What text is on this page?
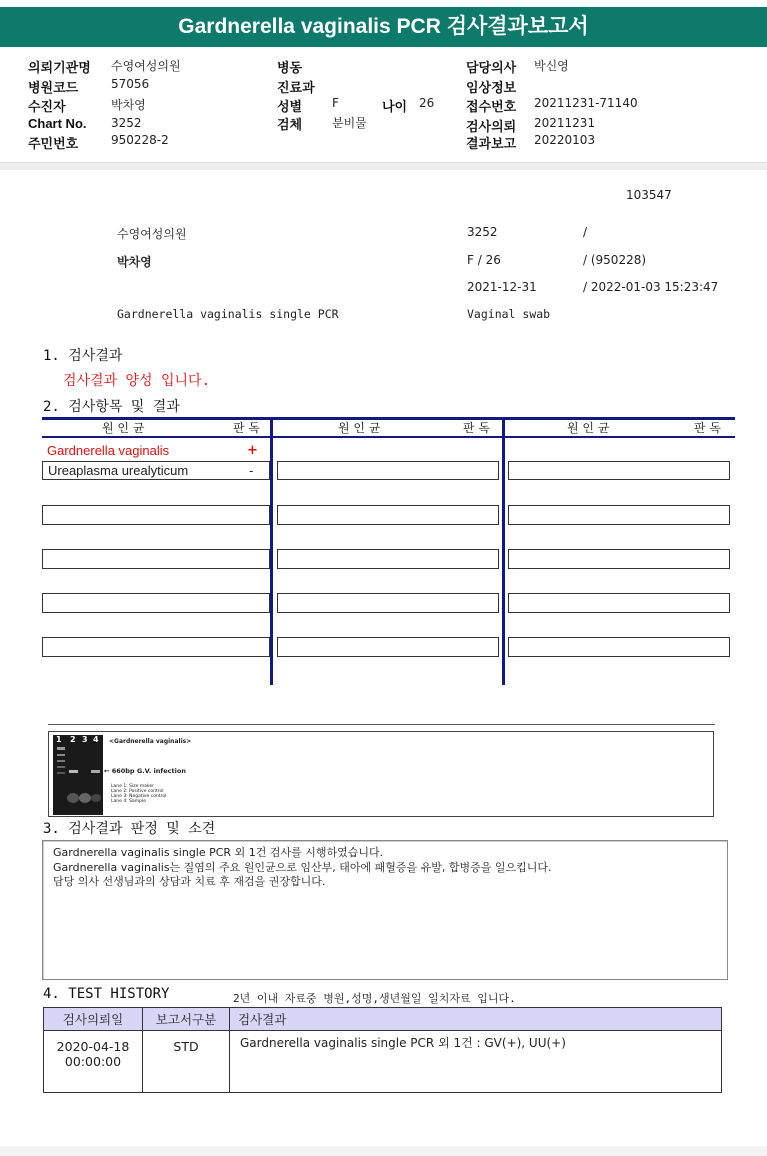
Gardnerella vaginalis PCR 검사결과보고서
의뢰기관명 수영여성의원
병원코드	57056
수진자	박차영
Chart No. 3252
주민번호	950228-2
병동
진료과
성별 F	나이 26
검체 분비물
담당의사 박신영
임상정보
접수번호 20211231-71140
검사의뢰 20211231
결과보고 20220103
103547
수영여성의원	3252	/
박차영	F / 26	/ (950228)
2021-12-31	/ 2022-01-03 15:23:47
Gardnerella vaginalis single PCR	Vaginal swab
1. 검사결과
검사결과 양성 입니다.
2. 검사항목 및 결과
원 인 균	판 독	원 인 균	판 독	원 인 균	판 독
Gardnerella vaginalis	+
Ureaplasma urealyticum	-
1 2 3 4 <Gardnerella vaginalis>
← 660bp G.V. infection
Lane 1: Size maker
Lane 2: Positive control
Lane 3: Negative control
Lane 4: Sample
3. 검사결과 판정 및 소견
Gardnerella vaginalis single PCR 외 1건 검사를 시행하였습니다.
Gardnerella vaginalis는 질염의 주요 원인균으로 임산부, 태아에 패혈증을 유발, 합병증을 일으킵니다.
담당 의사 선생님과의 상담과 치료 후 재검을 권장합니다.
4. TEST HISTORY	2년 이내 자료중 병원,성명,생년월일 일치자료 입니다.
검사의뢰일	보고서구분	검사결과

2020-04-18
00:00:00	STD	Gardnerella vaginalis single PCR 외 1건 : GV(+), UU(+)
